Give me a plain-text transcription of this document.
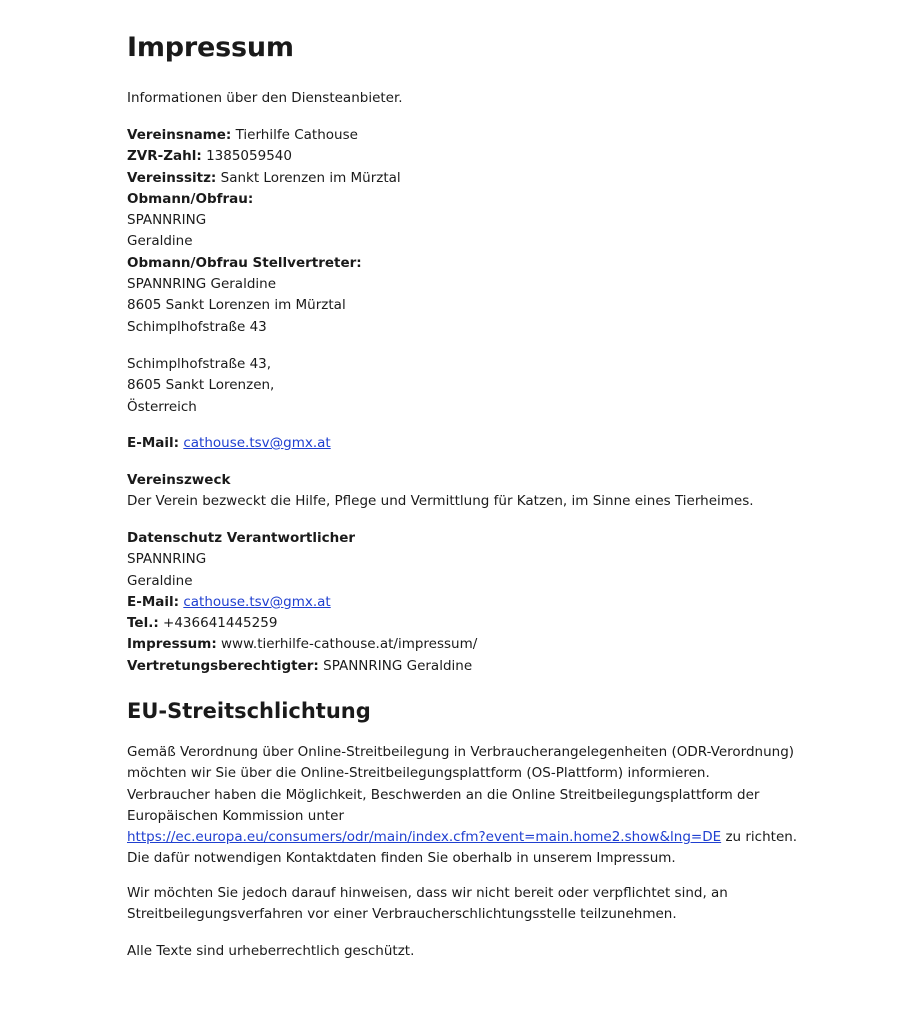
Impressum

Informationen über den Diensteanbieter.

Vereinsname: Tierhilfe Cathouse
ZVR-Zahl: 1385059540
Vereinssitz: Sankt Lorenzen im Mürztal
Obmann/Obfrau:
SPANNRING
Geraldine
Obmann/Obfrau Stellvertreter:
SPANNRING Geraldine
8605 Sankt Lorenzen im Mürztal
Schimplhofstraße 43
Schimplhofstraße 43,
8605 Sankt Lorenzen,
Österreich
E-Mail: cathouse.tsv@gmx.at
Vereinszweck
Der Verein bezweckt die Hilfe, Pflege und Vermittlung für Katzen, im Sinne eines Tierheimes.
Datenschutz Verantwortlicher
SPANNRING
Geraldine
E-Mail: cathouse.tsv@gmx.at
Tel.: +436641445259
Impressum: www.tierhilfe-cathouse.at/impressum/
Vertretungsberechtigter: SPANNRING Geraldine
EU-Streitschlichtung
Gemäß Verordnung über Online-Streitbeilegung in Verbraucherangelegenheiten (ODR-Verordnung)
möchten wir Sie über die Online-Streitbeilegungsplattform (OS-Plattform) informieren.
Verbraucher haben die Möglichkeit, Beschwerden an die Online Streitbeilegungsplattform der
Europäischen Kommission unter
https://ec.europa.eu/consumers/odr/main/index.cfm?event=main.home2.show&lng=DE zu richten.
Die dafür notwendigen Kontaktdaten finden Sie oberhalb in unserem Impressum.
Wir möchten Sie jedoch darauf hinweisen, dass wir nicht bereit oder verpflichtet sind, an
Streitbeilegungsverfahren vor einer Verbraucherschlichtungsstelle teilzunehmen.

Alle Texte sind urheberrechtlich geschützt.
